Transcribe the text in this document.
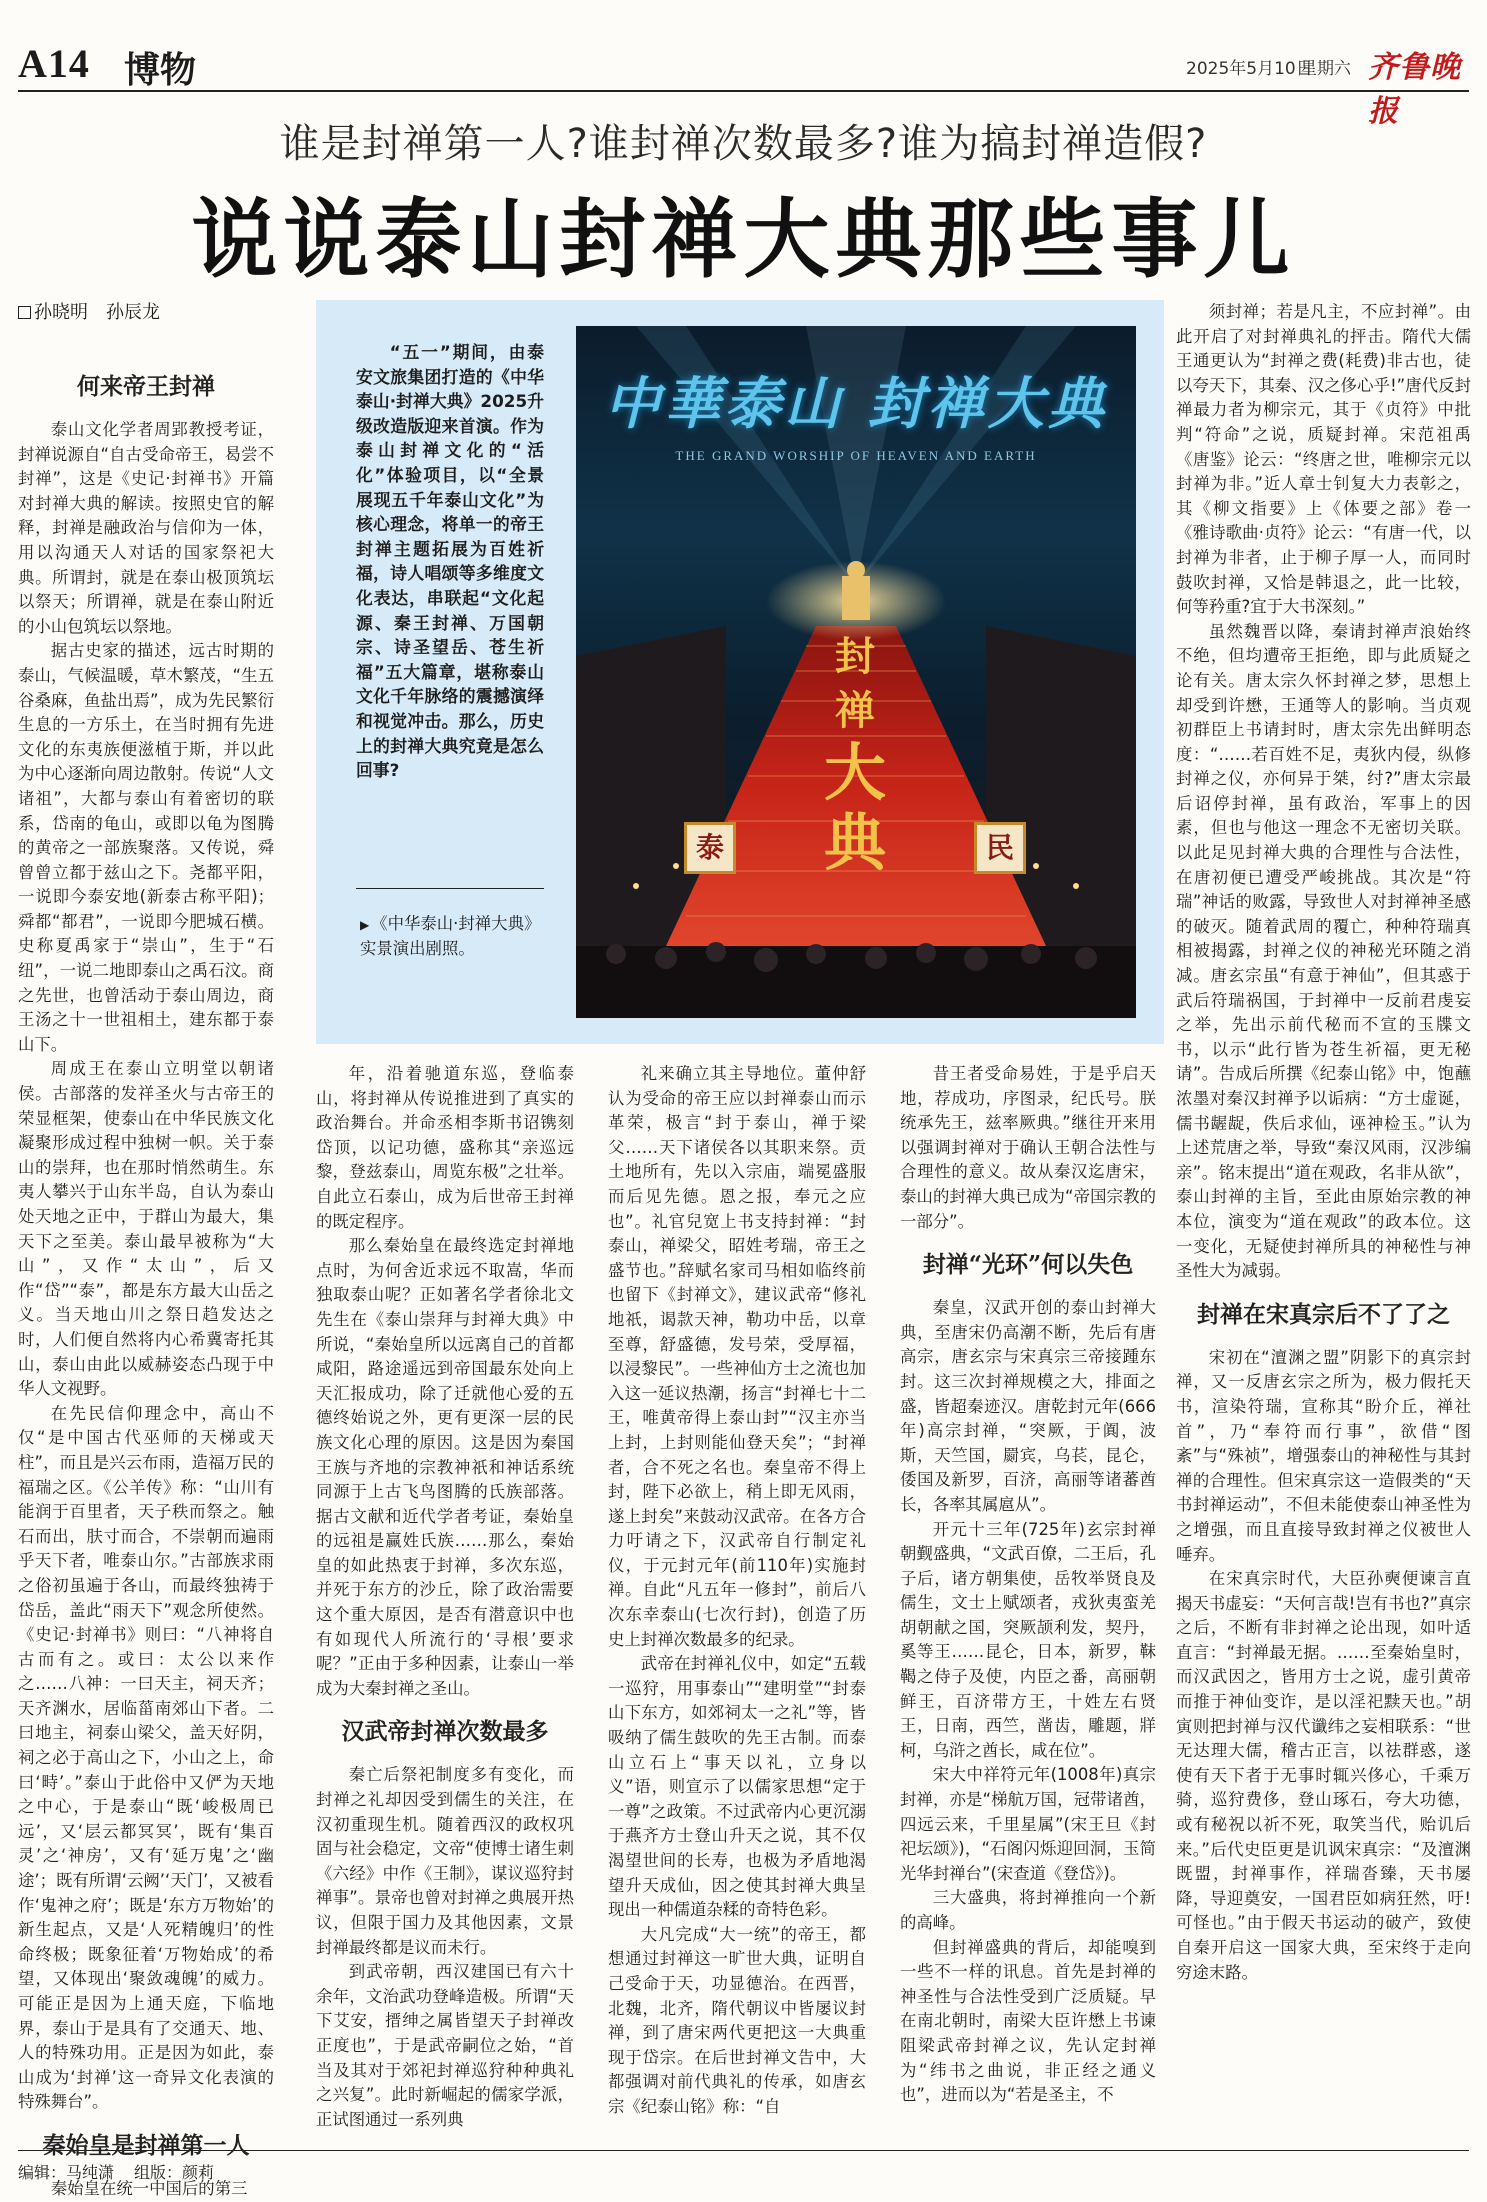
A14 博物	2025年5月10日
星期六 齐鲁晚报
谁是封禅第一人?谁封禅次数最多?谁为搞封禅造假?
说说泰山封禅大典那些事儿
孙晓明　孙辰龙
何来帝王封禅

泰山文化学者周郢教授考证，封禅说源自“自古受命帝王，曷尝不封禅”，这是《史记·封禅书》开篇对封禅大典的解读。按照史官的解释，封禅是融政治与信仰为一体，用以沟通天人对话的国家祭祀大典。所谓封，就是在泰山极顶筑坛以祭天；所谓禅，就是在泰山附近的小山包筑坛以祭地。

据古史家的描述，远古时期的泰山，气候温暖，草木繁茂，“生五谷桑麻，鱼盐出焉”，成为先民繁衍生息的一方乐土，在当时拥有先进文化的东夷族便滋植于斯，并以此为中心逐渐向周边散射。传说“人文诸祖”，大都与泰山有着密切的联系，岱南的龟山，或即以龟为图腾的黄帝之一部族聚落。又传说，舜曾曾立都于兹山之下。尧都平阳，一说即今泰安地(新泰古称平阳)；舜都“都君”，一说即今肥城石横。史称夏禹家于“崇山”，生于“石纽”，一说二地即泰山之禹石汶。商之先世，也曾活动于泰山周边，商王汤之十一世祖相土，建东都于泰山下。

周成王在泰山立明堂以朝诸侯。古部落的发祥圣火与古帝王的荣显框架，使泰山在中华民族文化凝聚形成过程中独树一帜。关于泰山的崇拜，也在那时悄然萌生。东夷人攀兴于山东半岛，自认为泰山处天地之正中，于群山为最大，集天下之至美。泰山最早被称为“大山”，又作“太山”，后又作“岱”“泰”，都是东方最大山岳之义。当天地山川之祭日趋发达之时，人们便自然将内心希冀寄托其山，泰山由此以威赫姿态凸现于中华人文视野。

在先民信仰理念中，高山不仅“是中国古代巫师的天梯或天柱”，而且是兴云布雨，造福万民的福瑞之区。《公羊传》称：“山川有能润于百里者，天子秩而祭之。触石而出，肤寸而合，不崇朝而遍雨乎天下者，唯泰山尔。”古部族求雨之俗初虽遍于各山，而最终独祷于岱岳，盖此“雨天下”观念所使然。《史记·封禅书》则曰：“八神将自古而有之。或曰：太公以来作之……八神：一曰天主，祠天齐；天齐渊水，居临菑南郊山下者。二曰地主，祠泰山梁父，盖天好阴，祠之必于高山之下，小山之上，命曰‘畤’。”泰山于此俗中又俨为天地之中心，于是泰山“既‘峻极周已远’，又‘层云都冥冥’，既有‘集百灵’之‘神房’，又有‘延万鬼’之‘幽途’；既有所谓‘云阙’‘天门’，又被看作‘鬼神之府’；既是‘东方万物始’的新生起点，又是‘人死精魄归’的性命终极；既象征着‘万物始成’的希望，又体现出‘聚敛魂魄’的威力。可能正是因为上通天庭，下临地界，泰山于是具有了交通天、地、人的特殊功用。正是因为如此，泰山成为‘封禅’这一奇异文化表演的特殊舞台”。

秦始皇是封禅第一人

秦始皇在统一中国后的第三

“五一”期间，由泰安文旅集团打造的《中华泰山·封禅大典》2025升级改造版迎来首演。作为泰山封禅文化的“活化”体验项目，以“全景展现五千年泰山文化”为核心理念，将单一的帝王封禅主题拓展为百姓祈福，诗人唱颂等多维度文化表达，串联起“文化起源、秦王封禅、万国朝宗、诗圣望岳、苍生祈福”五大篇章，堪称泰山文化千年脉络的震撼演绎和视觉冲击。那么，历史上的封禅大典究竟是怎么回事?

▶ 《中华泰山·封禅大典》实景演出剧照。
中華泰山 封禅大典
THE GRAND WORSHIP OF HEAVEN AND EARTH
封
禅
大
典
泰	民

年，沿着驰道东巡，登临泰山，将封禅从传说推进到了真实的政治舞台。并命丞相李斯书诏镌刻岱顶，以记功德，盛称其“亲巡远黎，登兹泰山，周览东极”之壮举。自此立石泰山，成为后世帝王封禅的既定程序。

那么秦始皇在最终选定封禅地点时，为何舍近求远不取嵩，华而独取泰山呢？正如著名学者徐北文先生在《泰山崇拜与封禅大典》中所说，“秦始皇所以远离自己的首都咸阳，路途遥远到帝国最东处向上天汇报成功，除了迁就他心爱的五德终始说之外，更有更深一层的民族文化心理的原因。这是因为秦国王族与齐地的宗教神祇和神话系统同源于上古飞鸟图腾的氏族部落。据古文献和近代学者考证，秦始皇的远祖是赢姓氏族……那么，秦始皇的如此热衷于封禅，多次东巡，并死于东方的沙丘，除了政治需要这个重大原因，是否有潜意识中也有如现代人所流行的‘寻根’要求呢？”正由于多种因素，让泰山一举成为大秦封禅之圣山。

汉武帝封禅次数最多

秦亡后祭祀制度多有变化，而封禅之礼却因受到儒生的关注，在汉初重现生机。随着西汉的政权巩固与社会稳定，文帝“使博士诸生刺《六经》中作《王制》，谋议巡狩封禅事”。景帝也曾对封禅之典展开热议，但限于国力及其他因素，文景封禅最终都是议而未行。

到武帝朝，西汉建国已有六十余年，文治武功登峰造极。所谓“天下艾安，搢绅之属皆望天子封禅改正度也”，于是武帝嗣位之始，“首当及其对于郊祀封禅巡狩种种典礼之兴复”。此时新崛起的儒家学派，正试图通过一系列典

礼来确立其主导地位。董仲舒认为受命的帝王应以封禅泰山而示革荣，极言“封于泰山，禅于梁父……天下诸侯各以其职来祭。贡土地所有，先以入宗庙，端冕盛服而后见先德。恩之报，奉元之应也”。礼官兒宽上书支持封禅：“封泰山，禅梁父，昭姓考瑞，帝王之盛节也。”辞赋名家司马相如临终前也留下《封禅文》，建议武帝“修礼地祇，谒款天神，勒功中岳，以章至尊，舒盛德，发号荣，受厚福，以浸黎民”。一些神仙方士之流也加入这一延议热潮，扬言“封禅七十二王，唯黄帝得上泰山封”“汉主亦当上封，上封则能仙登天矣”；“封禅者，合不死之名也。秦皇帝不得上封，陛下必欲上，稍上即无风雨，遂上封矣”来鼓动汉武帝。在各方合力吁请之下，汉武帝自行制定礼仪，于元封元年(前110年)实施封禅。自此“凡五年一修封”，前后八次东幸泰山(七次行封)，创造了历史上封禅次数最多的纪录。

武帝在封禅礼仪中，如定“五载一巡狩，用事泰山”“建明堂”“封泰山下东方，如郊祠太一之礼”等，皆吸纳了儒生鼓吹的先王古制。而泰山立石上“事天以礼，立身以义”语，则宣示了以儒家思想“定于一尊”之政策。不过武帝内心更沉溺于燕齐方士登山升天之说，其不仅渴望世间的长寿，也极为矛盾地渴望升天成仙，因之使其封禅大典呈现出一种儒道杂糅的奇特色彩。

大凡完成“大一统”的帝王，都想通过封禅这一旷世大典，证明自己受命于天，功显德治。在西晋，北魏，北齐，隋代朝议中皆屡议封禅，到了唐宋两代更把这一大典重现于岱宗。在后世封禅文告中，大都强调对前代典礼的传承，如唐玄宗《纪泰山铭》称：“自

昔王者受命易姓，于是乎启天地，荐成功，序图录，纪氏号。朕统承先王，兹率厥典。”继往开来用以强调封禅对于确认王朝合法性与合理性的意义。故从秦汉迄唐宋，泰山的封禅大典已成为“帝国宗教的一部分”。

封禅“光环”何以失色

秦皇，汉武开创的泰山封禅大典，至唐宋仍高潮不断，先后有唐高宗，唐玄宗与宋真宗三帝接踵东封。这三次封禅规模之大，排面之盛，皆超秦迹汉。唐乾封元年(666年)高宗封禅，“突厥，于阗，波斯，天竺国，罽宾，乌苌，昆仑，倭国及新罗，百济，高丽等诸蕃酋长，各率其属扈从”。

开元十三年(725年)玄宗封禅朝觐盛典，“文武百僚，二王后，孔子后，诸方朝集使，岳牧举贤良及儒生，文士上赋颂者，戎狄夷蛮羌胡朝献之国，突厥颉利发，契丹，奚等王……昆仑，日本，新罗，靺鞨之侍子及使，内臣之番，高丽朝鲜王，百济带方王，十姓左右贤王，日南，西竺，凿齿，雕题，牂柯，乌浒之酋长，咸在位”。

宋大中祥符元年(1008年)真宗封禅，亦是“梯航万国，冠带诸酋，四远云来，千里星属”(宋王旦《封祀坛颂》)，“石阁闪烁迎回洞，玉简光华封禅台”(宋查道《登岱》)。

三大盛典，将封禅推向一个新的高峰。

但封禅盛典的背后，却能嗅到一些不一样的讯息。首先是封禅的神圣性与合法性受到广泛质疑。早在南北朝时，南梁大臣许懋上书谏阻梁武帝封禅之议，先认定封禅为“纬书之曲说，非正经之通义也”，进而以为“若是圣主，不

须封禅；若是凡主，不应封禅”。由此开启了对封禅典礼的抨击。隋代大儒王通更认为“封禅之费(耗费)非古也，徒以夸天下，其秦、汉之侈心乎!”唐代反封禅最力者为柳宗元，其于《贞符》中批判“符命”之说，质疑封禅。宋范祖禹《唐鉴》论云：“终唐之世，唯柳宗元以封禅为非。”近人章士钊复大力表彰之，其《柳文指要》上《体要之部》卷一《雅诗歌曲·贞符》论云：“有唐一代，以封禅为非者，止于柳子厚一人，而同时鼓吹封禅，又恰是韩退之，此一比较，何等矜重?宜于大书深刻。”

虽然魏晋以降，秦请封禅声浪始终不绝，但均遭帝王拒绝，即与此质疑之论有关。唐太宗久怀封禅之梦，思想上却受到许懋，王通等人的影响。当贞观初群臣上书请封时，唐太宗先出鲜明态度：“……若百姓不足，夷狄内侵，纵修封禅之仪，亦何异于桀，纣?”唐太宗最后诏停封禅，虽有政治，军事上的因素，但也与他这一理念不无密切关联。以此足见封禅大典的合理性与合法性，在唐初便已遭受严峻挑战。其次是“符瑞”神话的败露，导致世人对封禅神圣感的破灭。随着武周的覆亡，种种符瑞真相被揭露，封禅之仪的神秘光环随之消减。唐玄宗虽“有意于神仙”，但其惑于武后符瑞祸国，于封禅中一反前君虔妄之举，先出示前代秘而不宣的玉牒文书，以示“此行皆为苍生祈福，更无秘请”。告成后所撰《纪泰山铭》中，饱蘸浓墨对秦汉封禅予以诟病：“方士虚诞，儒书龌龊，佚后求仙，诬神检玉。”认为上述荒唐之举，导致“秦汉风雨，汉涉编亲”。铭末提出“道在观政，名非从欲”，泰山封禅的主旨，至此由原始宗教的神本位，演变为“道在观政”的政本位。这一变化，无疑使封禅所具的神秘性与神圣性大为减弱。

封禅在宋真宗后不了了之

宋初在“澶渊之盟”阴影下的真宗封禅，又一反唐玄宗之所为，极力假托天书，渲染符瑞，宣称其“盼介丘，禅社首”，乃“奉符而行事”，欲借“图紊”与“殊祯”，增强泰山的神秘性与其封禅的合理性。但宋真宗这一造假类的“天书封禅运动”，不但未能使泰山神圣性为之增强，而且直接导致封禅之仪被世人唾弃。

在宋真宗时代，大臣孙奭便谏言直揭天书虚妄：“天何言哉!岂有书也?”真宗之后，不断有非封禅之论出现，如叶适直言：“封禅最无据。……至秦始皇时，而汉武因之，皆用方士之说，虚引黄帝而推于神仙变诈，是以淫祀黩天也。”胡寅则把封禅与汉代谶纬之妄相联系：“世无达理大儒，稽古正言，以祛群惑，遂使有天下者于无事时辄兴侈心，千乘万骑，巡狩费侈，登山琢石，夸大功德，或有秘祝以祈不死，取笑当代，贻讥后来。”后代史臣更是讥讽宋真宗：“及澶渊既盟，封禅事作，祥瑞沓臻，天书屡降，导迎奠安，一国君臣如病狂然，吁!可怪也。”由于假天书运动的破产，致使自秦开启这一国家大典，至宋终于走向穷途末路。

编辑：马纯潇 组版：颜莉
